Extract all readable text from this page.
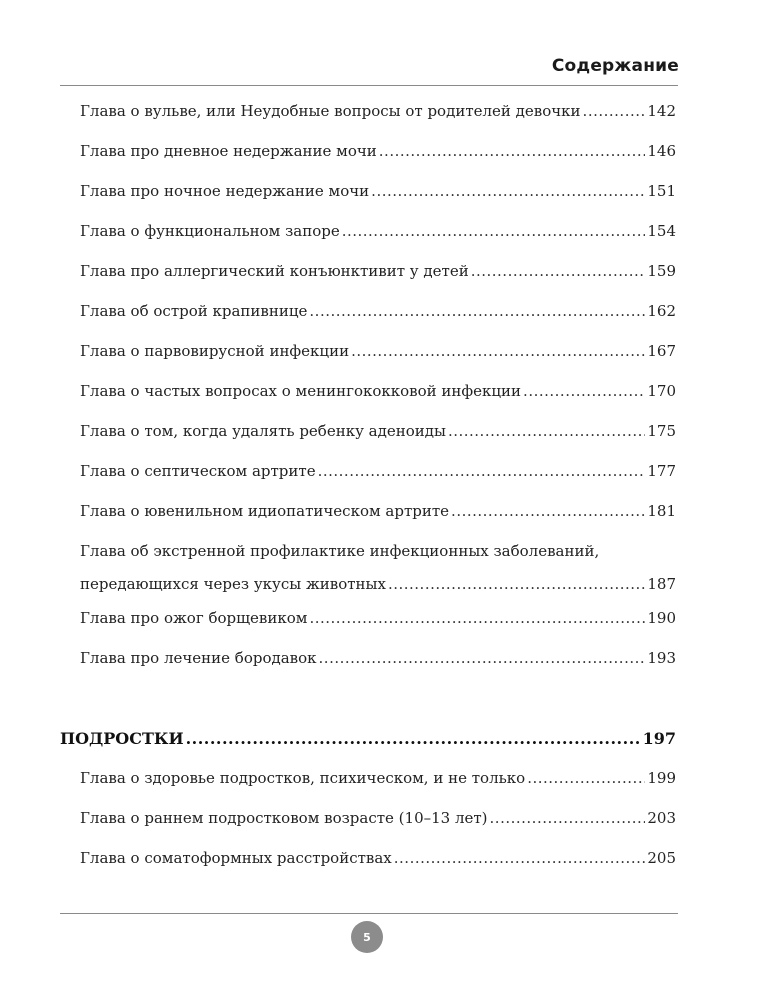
Содержание
Глава о вульве, или Неудобные вопросы от родителей девочки .....	142
Глава про дневное недержание мочи .....	146
Глава про ночное недержание мочи .....	151
Глава о функциональном запоре .....	154
Глава про аллергический конъюнктивит у детей .....	159
Глава об острой крапивнице .....	162
Глава о парвовирусной инфекции .....	167
Глава о частых вопросах о менингококковой инфекции .....	170
Глава о том, когда удалять ребенку аденоиды .....	175
Глава о септическом артрите .....	177
Глава о ювенильном идиопатическом артрите .....	181
Глава об экстренной профилактике инфекционных заболеваний,
передающихся через укусы животных .....	187
Глава про ожог борщевиком .....	190
Глава про лечение бородавок .....	193
ПОДРОСТКИ .....	197
Глава о здоровье подростков, психическом, и не только .....	199
Глава о раннем подростковом возрасте (10–13 лет) .....	203
Глава о соматоформных расстройствах .....	205
5
